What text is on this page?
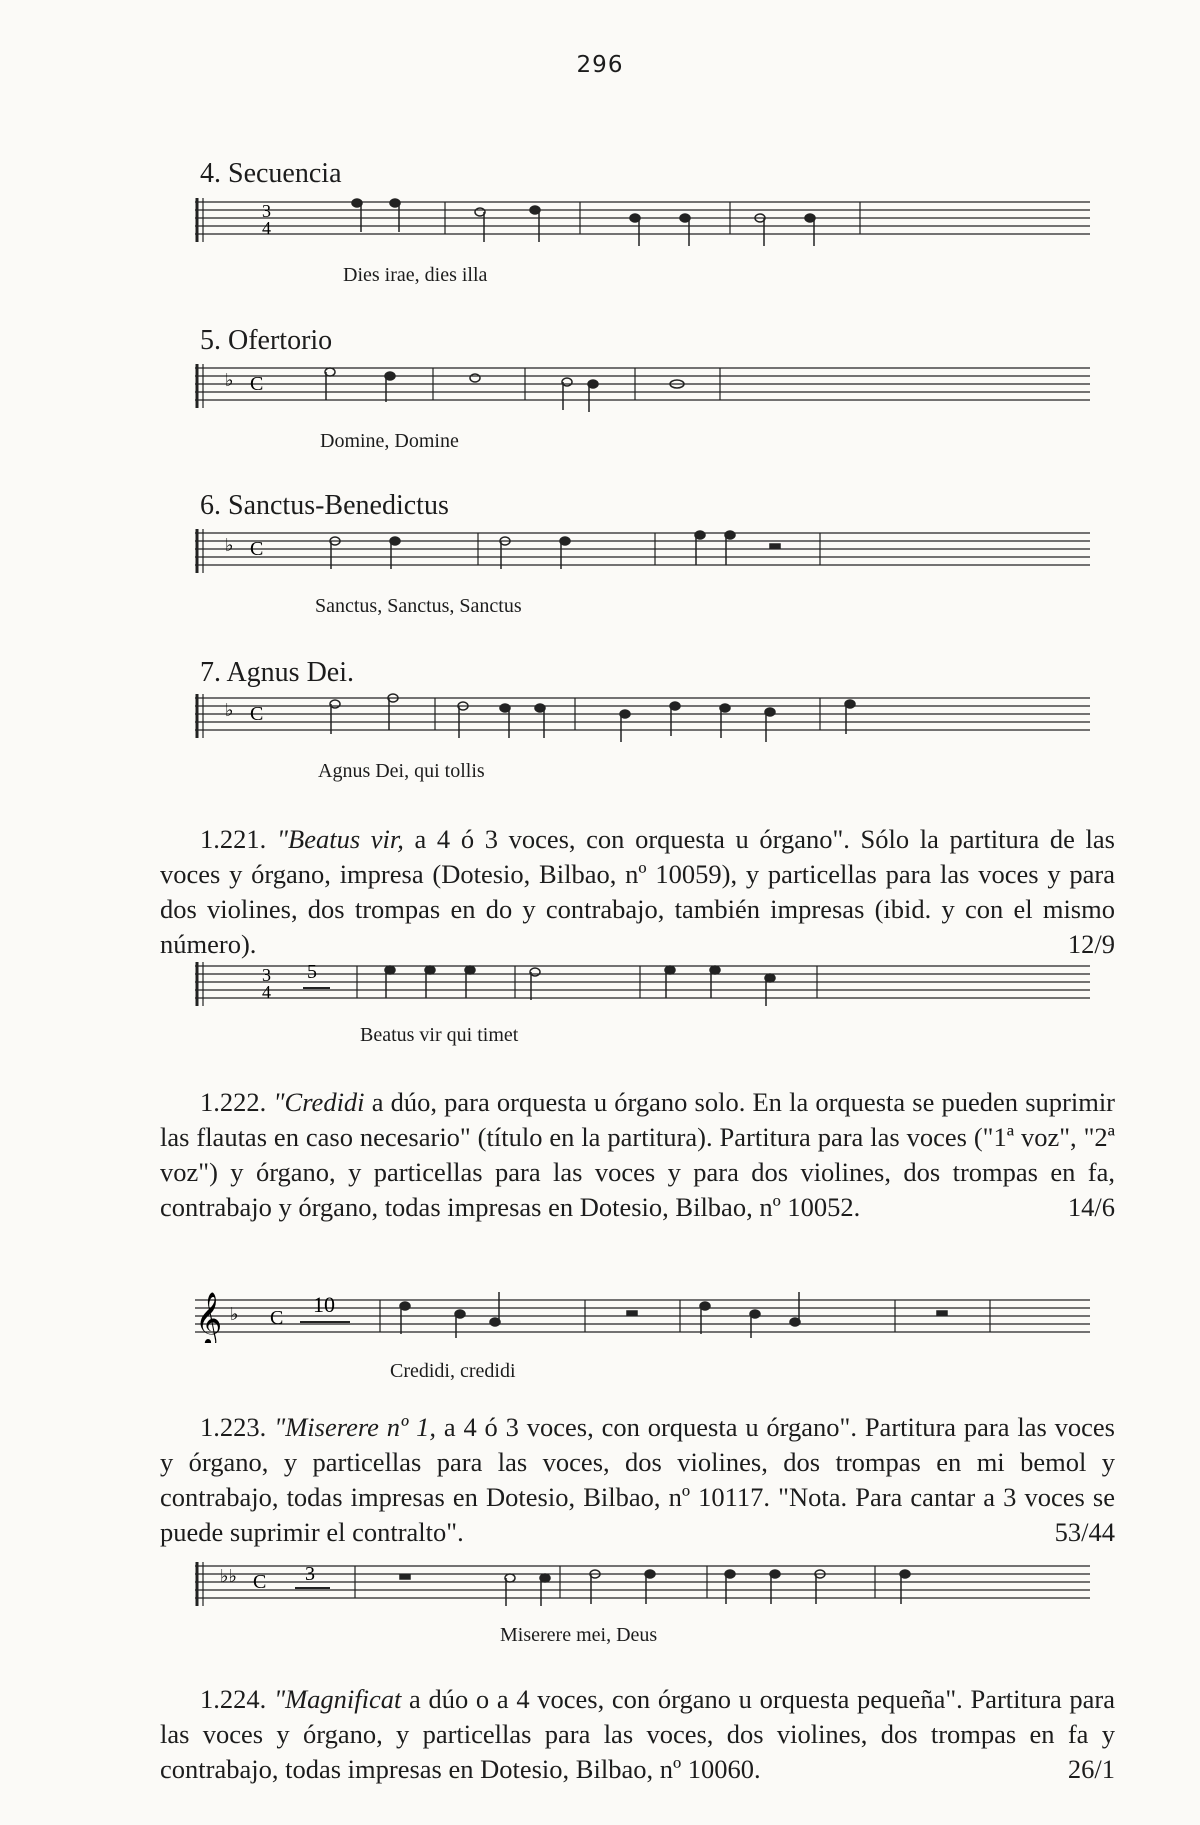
296
4. Secuencia
3
4
Dies irae, dies illa
5. Ofertorio
♭ C
Domine, Domine
6. Sanctus-Benedictus
♭ C
Sanctus, Sanctus, Sanctus
7. Agnus Dei.
♭ C
Agnus Dei, qui tollis

1.221. "Beatus vir, a 4 ó 3 voces, con orquesta u órgano". Sólo la partitura de las voces y órgano, impresa (Dotesio, Bilbao, nº 10059), y particellas para las voces y para dos violines, dos trompas en do y contrabajo, también impresas (ibid. y con el mismo número).	12/9

3
4
5
Beatus vir qui timet

1.222. "Credidi a dúo, para orquesta u órgano solo. En la orquesta se pueden suprimir las flautas en caso necesario" (título en la partitura). Partitura para las voces ("1ª voz", "2ª voz") y órgano, y particellas para las voces y para dos violines, dos trompas en fa, contrabajo y órgano, todas impresas en Dotesio, Bilbao, nº 10052.	14/6

𝄞 ♭ C
10
Credidi, credidi

1.223. "Miserere nº 1, a 4 ó 3 voces, con orquesta u órgano". Partitura para las voces y órgano, y particellas para las voces, dos violines, dos trompas en mi bemol y contrabajo, todas impresas en Dotesio, Bilbao, nº 10117. "Nota. Para cantar a 3 voces se puede suprimir el contralto".	53/44

♭♭ C 3
Miserere mei, Deus

1.224. "Magnificat a dúo o a 4 voces, con órgano u orquesta pequeña". Partitura para las voces y órgano, y particellas para las voces, dos violines, dos trompas en fa y contrabajo, todas impresas en Dotesio, Bilbao, nº 10060.	26/1
